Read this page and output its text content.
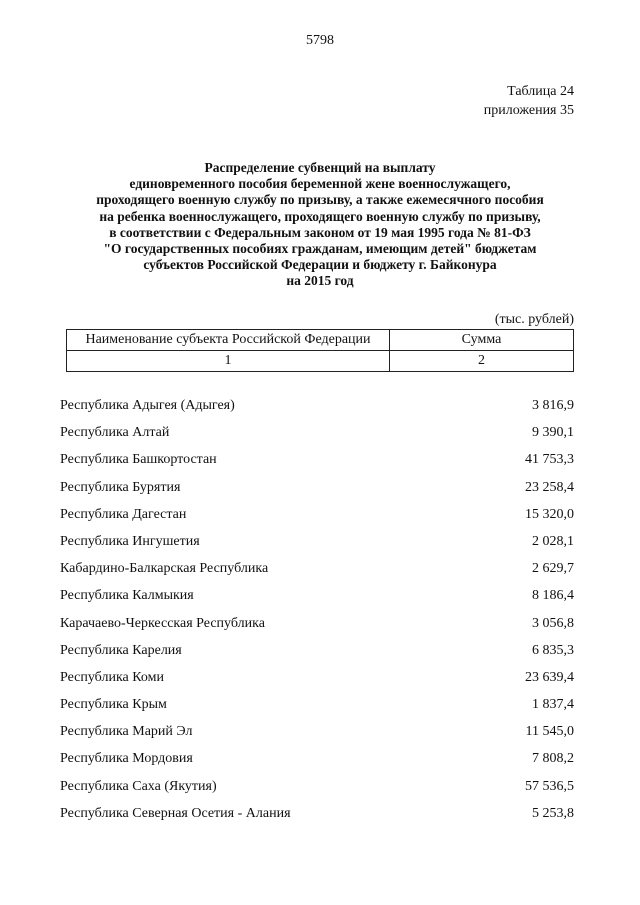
5798
Таблица 24
приложения 35
Распределение субвенций на выплату
единовременного пособия беременной жене военнослужащего,
проходящего военную службу по призыву, а также ежемесячного пособия
на ребенка военнослужащего, проходящего военную службу по призыву,
в соответствии с Федеральным законом от 19 мая 1995 года № 81-ФЗ
"О государственных пособиях гражданам, имеющим детей" бюджетам
субъектов Российской Федерации и бюджету г. Байконура
на 2015 год
(тыс. рублей)
Наименование субъекта Российской Федерации	Сумма
1	2
Республика Адыгея (Адыгея)	3 816,9
Республика Алтай	9 390,1
Республика Башкортостан	41 753,3
Республика Бурятия	23 258,4
Республика Дагестан	15 320,0
Республика Ингушетия	2 028,1
Кабардино-Балкарская Республика	2 629,7
Республика Калмыкия	8 186,4
Карачаево-Черкесская Республика	3 056,8
Республика Карелия	6 835,3
Республика Коми	23 639,4
Республика Крым	1 837,4
Республика Марий Эл	11 545,0
Республика Мордовия	7 808,2
Республика Саха (Якутия)	57 536,5
Республика Северная Осетия - Алания	5 253,8
